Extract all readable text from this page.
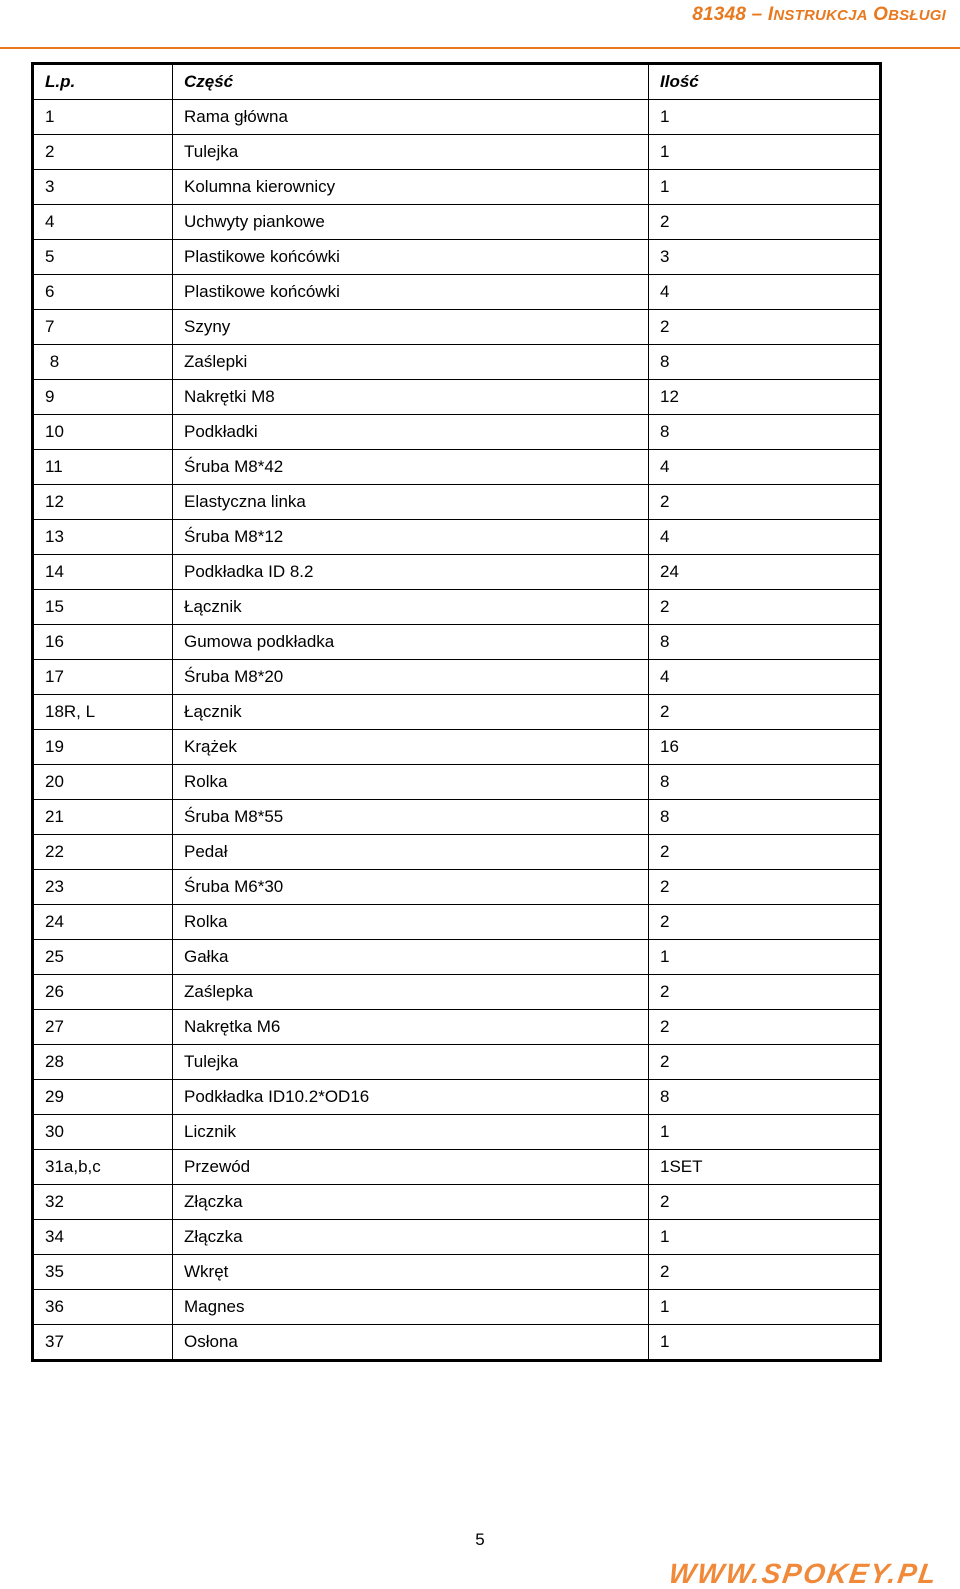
81348 – INSTRUKCJA OBSŁUGI
L.p.	Część	Ilość
1	Rama główna	1
2	Tulejka	1
3	Kolumna kierownicy	1
4	Uchwyty piankowe	2
5	Plastikowe końcówki	3
6	Plastikowe końcówki	4
7	Szyny	2
8	Zaślepki	8
9	Nakrętki M8	12
10	Podkładki	8
11	Śruba M8*42	4
12	Elastyczna linka	2
13	Śruba M8*12	4
14	Podkładka ID 8.2	24
15	Łącznik	2
16	Gumowa podkładka	8
17	Śruba M8*20	4
18R, L	Łącznik	2
19	Krążek	16
20	Rolka	8
21	Śruba M8*55	8
22	Pedał	2
23	Śruba M6*30	2
24	Rolka	2
25	Gałka	1
26	Zaślepka	2
27	Nakrętka M6	2
28	Tulejka	2
29	Podkładka ID10.2*OD16	8
30	Licznik	1
31a,b,c	Przewód	1SET
32	Złączka	2
34	Złączka	1
35	Wkręt	2
36	Magnes	1
37	Osłona	1
5
WWW.SPOKEY.PL
